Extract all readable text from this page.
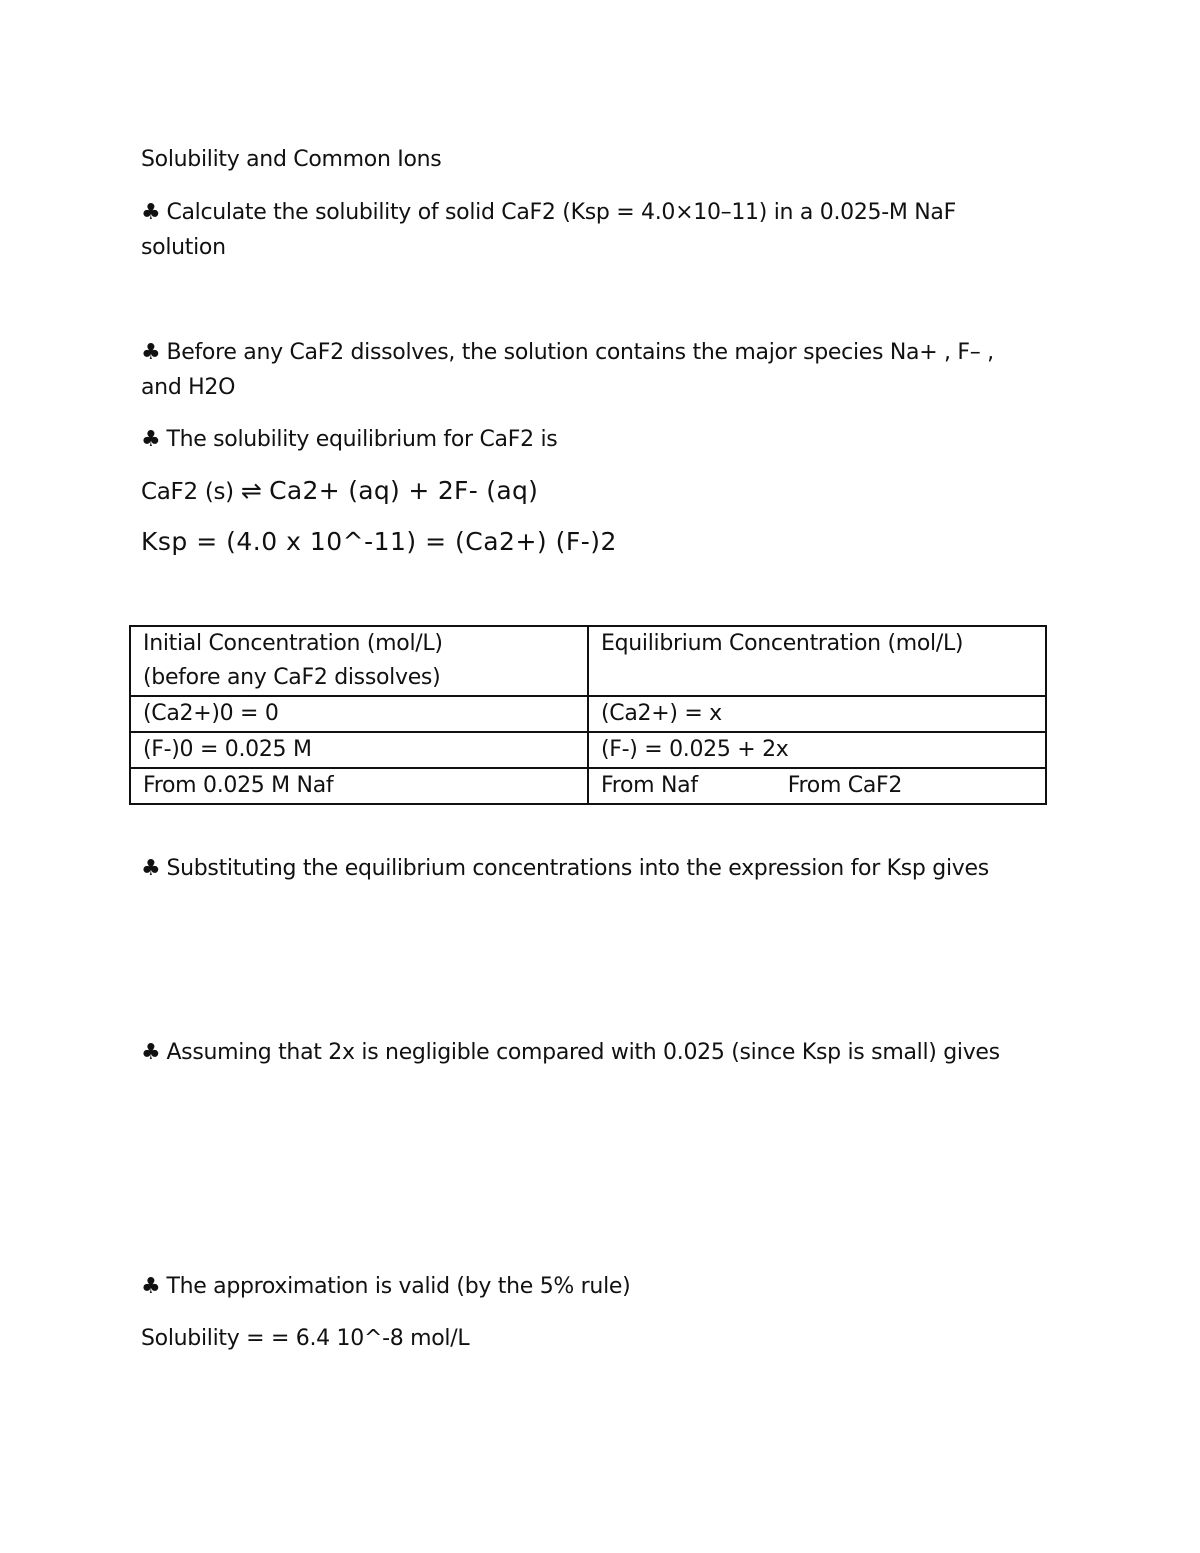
Solubility and Common Ions
♣ Calculate the solubility of solid CaF2 (Ksp = 4.0×10–11) in a 0.025-M NaF
solution
♣ Before any CaF2 dissolves, the solution contains the major species Na+ , F– ,
and H2O
♣ The solubility equilibrium for CaF2 is
CaF2 (s) ⇌ Ca2+ (aq) + 2F- (aq)
Ksp = (4.0 x 10^-11) = (Ca2+) (F-)2
Initial Concentration (mol/L)
(before any CaF2 dissolves)	Equilibrium Concentration (mol/L)
(Ca2+)0 = 0	(Ca2+) = x
(F-)0 = 0.025 M	(F-) = 0.025 + 2x
From 0.025 M Naf	From Naf From CaF2
♣ Substituting the equilibrium concentrations into the expression for Ksp gives
♣ Assuming that 2x is negligible compared with 0.025 (since Ksp is small) gives
♣ The approximation is valid (by the 5% rule)
Solubility = = 6.4 10^-8 mol/L
